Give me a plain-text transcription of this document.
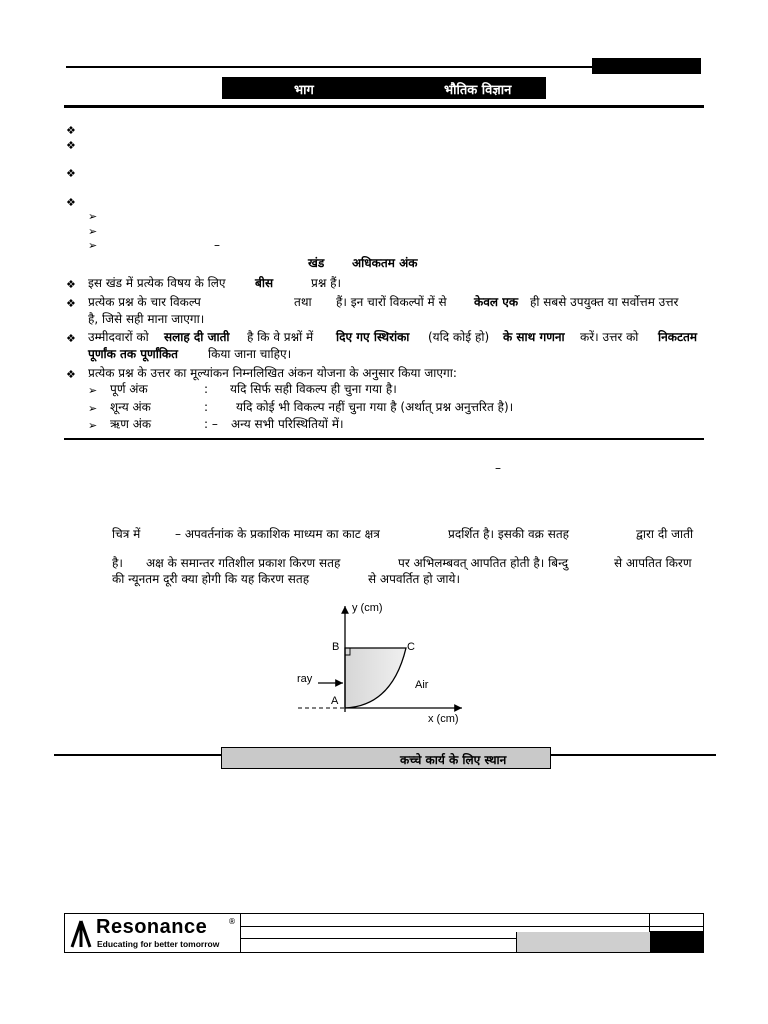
भाग	भौतिक विज्ञान
❖
❖
❖
❖
➢
➢
➢	–
खंड अधिकतम अंक
❖ इस खंड में प्रत्येक विषय के लिए बीस	प्रश्न हैं।
❖ प्रत्येक प्रश्न के चार विकल्प	तथा हैं। इन चारों विकल्पों में से केवल एक ही सबसे उपयुक्त या सर्वोत्तम उत्तर
है, जिसे सही माना जाएगा।
❖ उम्मीदवारों को सलाह दी जाती है कि वे प्रश्नों में दिए गए स्थिरांका (यदि कोई हो) के साथ गणना करें। उत्तर को निकटतम
पूर्णांक तक पूर्णांकित	किया जाना चाहिए।
❖ प्रत्येक प्रश्न के उत्तर का मूल्यांकन निम्नलिखित अंकन योजना के अनुसार किया जाएगा:
➢ पूर्ण अंक	: यदि सिर्फ सही विकल्प ही चुना गया है।
➢ शून्य अंक	: यदि कोई भी विकल्प नहीं चुना गया है (अर्थात् प्रश्न अनुत्तरित है)।
➢ ऋण अंक	: – अन्य सभी परिस्थितियों में।
–
चित्र में	– अपवर्तनांक के प्रकाशिक माध्यम का काट क्षत्र	प्रदर्शित है। इसकी वक्र सतह	द्वारा दी जाती
है। अक्ष के समान्तर गतिशील प्रकाश किरण सतह	पर अभिलम्बवत् आपतित होती है। बिन्दु	से आपतित किरण
की न्यूनतम दूरी क्या होगी कि यह किरण सतह	से अपवर्तित हो जाये।
y (cm)
x (cm)
B	C
A
ray	Air
कच्चे कार्य के लिए स्थान
Resonance	®
Educating for better tomorrow
